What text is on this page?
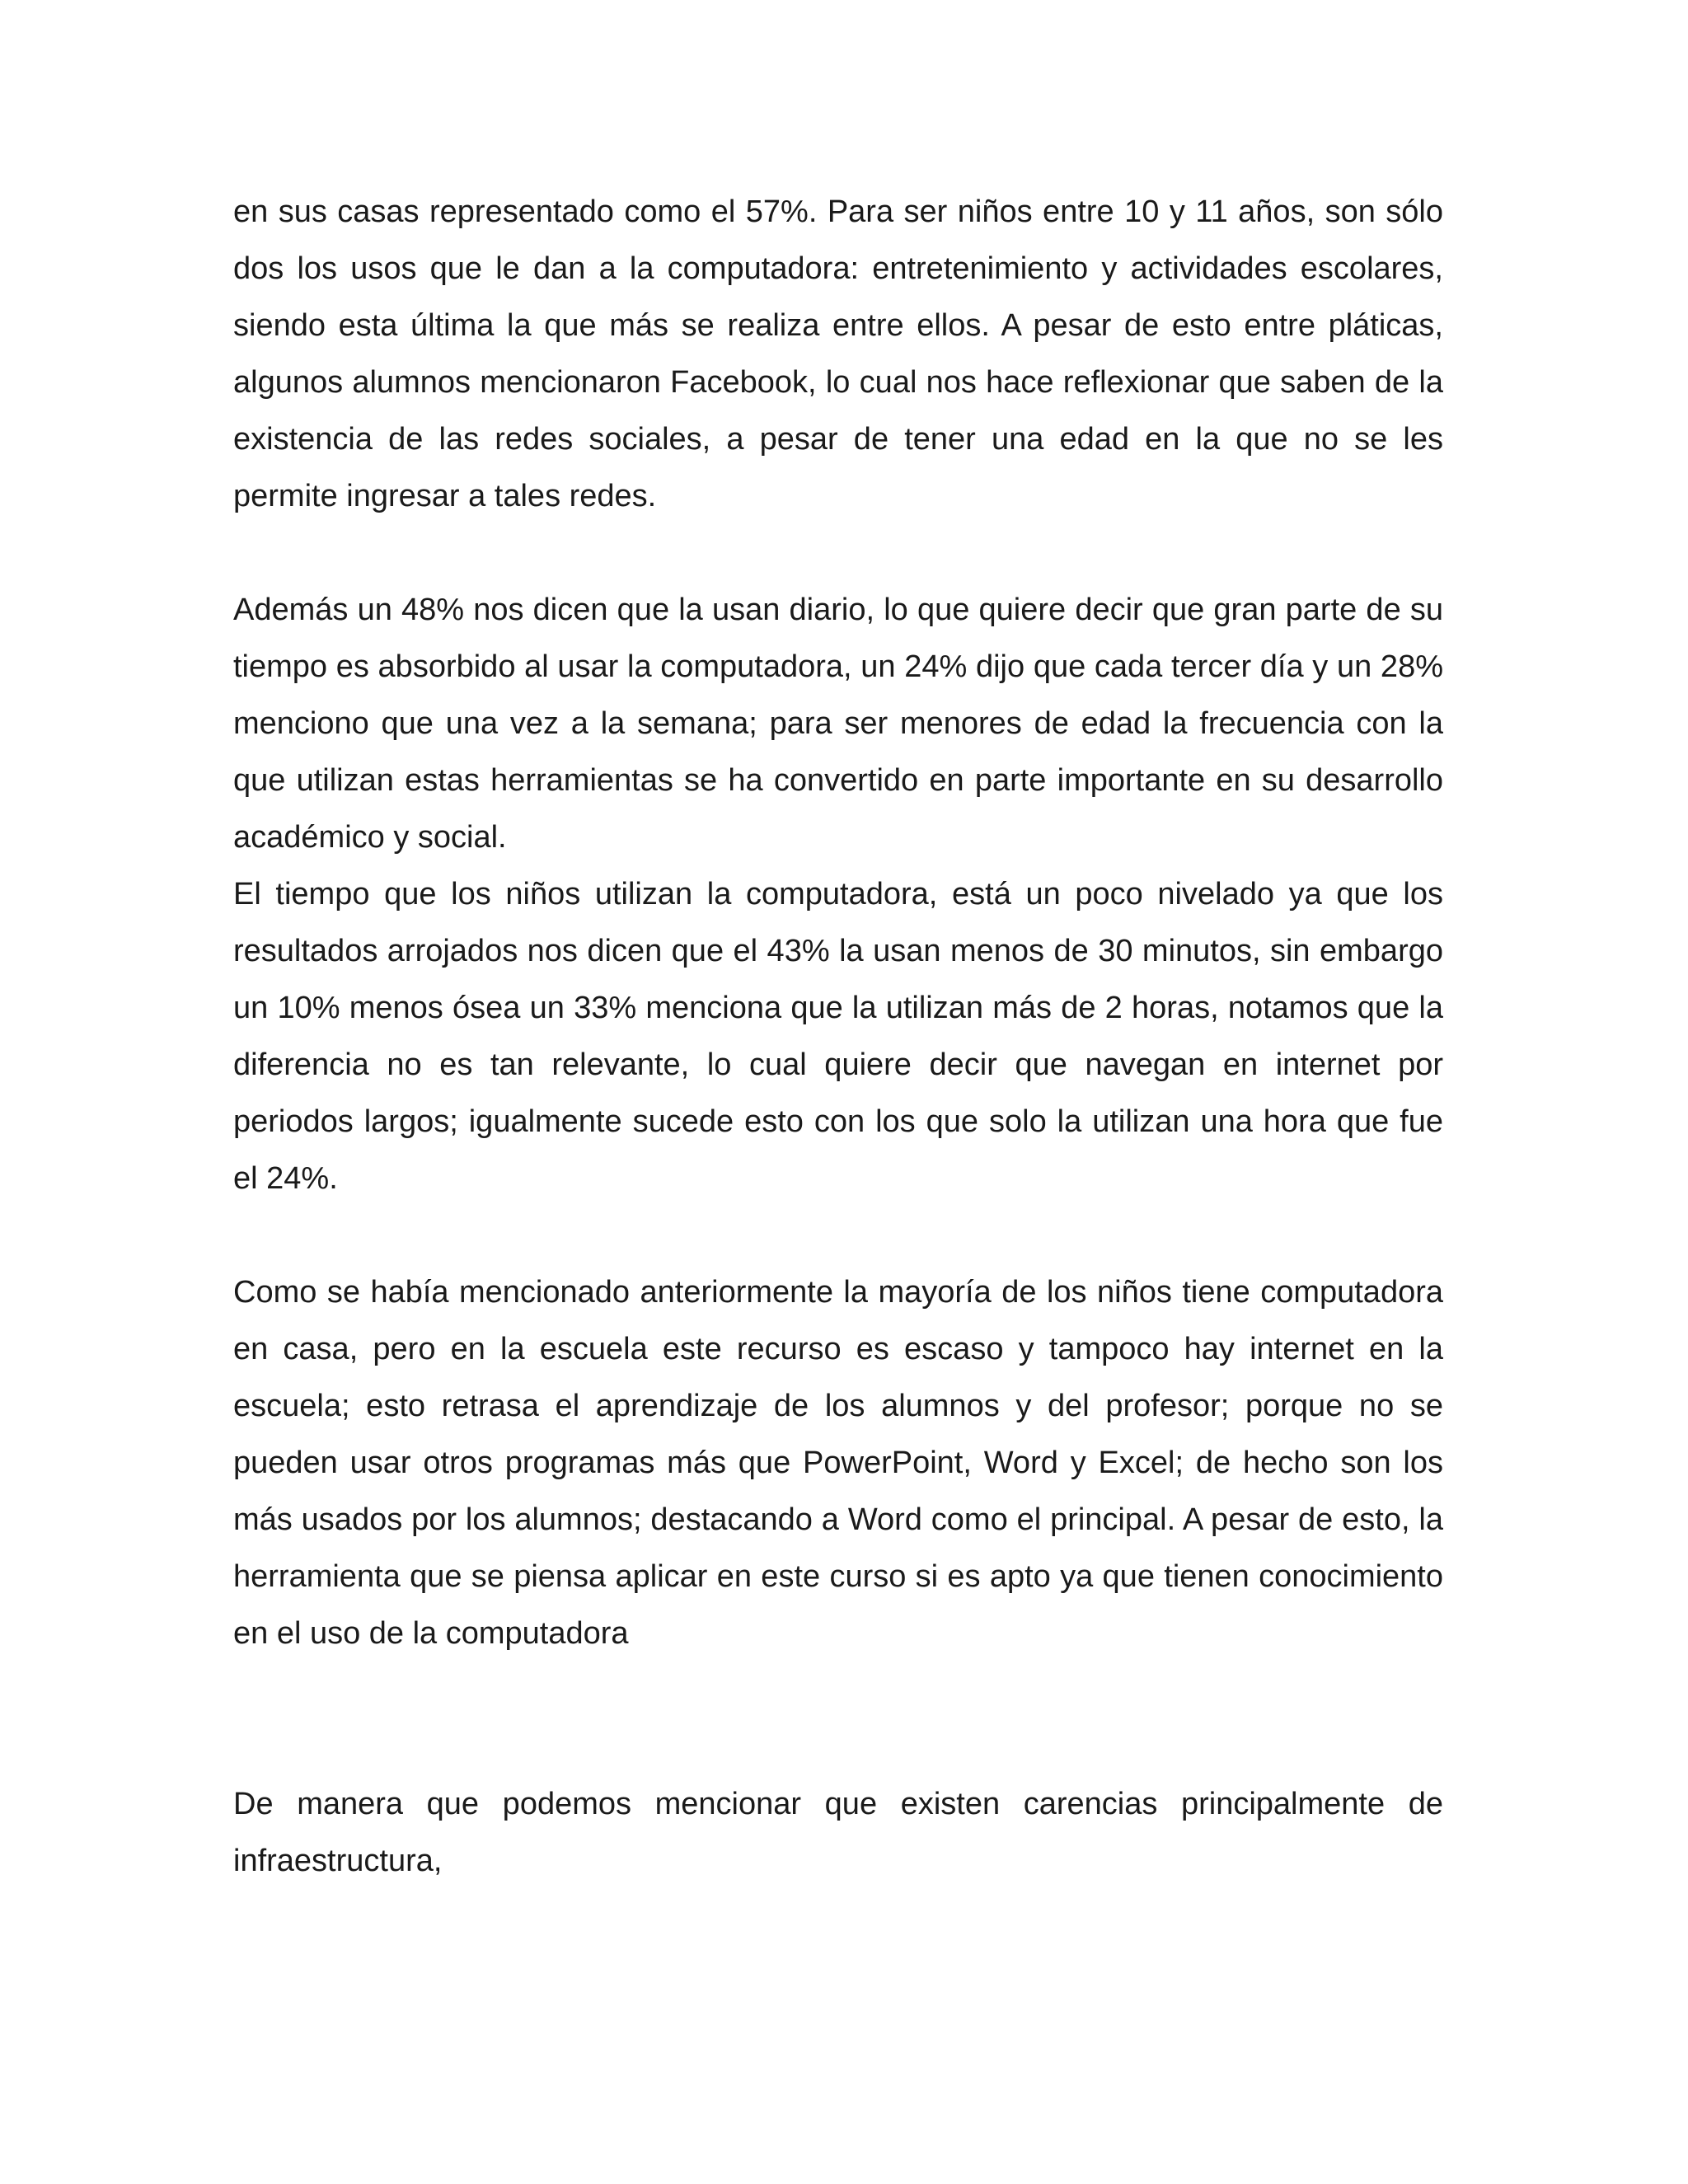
en sus casas representado como el 57%. Para ser niños entre 10 y 11 años, son sólo dos los usos que le dan a la computadora: entretenimiento y actividades escolares, siendo esta última la que más se realiza entre ellos. A pesar de esto entre pláticas, algunos alumnos mencionaron Facebook, lo cual nos hace reflexionar que saben de la existencia de las redes sociales, a pesar de tener una edad en la que no se les permite ingresar a tales redes.

Además un 48% nos dicen que la usan diario, lo que quiere decir que gran parte de su tiempo es absorbido al usar la computadora, un 24% dijo que cada tercer día y un 28% menciono que una vez a la semana; para ser menores de edad la frecuencia con la que utilizan estas herramientas se ha convertido en parte importante en su desarrollo académico y social.

El tiempo que los niños utilizan la computadora, está un poco nivelado ya que los resultados arrojados nos dicen que el 43% la usan menos de 30 minutos, sin embargo un 10% menos ósea un 33% menciona que la utilizan más de 2 horas, notamos que la diferencia no es tan relevante, lo cual quiere decir que navegan en internet por periodos largos; igualmente sucede esto con los que solo la utilizan una hora que fue el 24%.

Como se había mencionado anteriormente la mayoría de los niños tiene computadora en casa, pero en la escuela este recurso es escaso y tampoco hay internet en la escuela; esto retrasa el aprendizaje de los alumnos y del profesor; porque no se pueden usar otros programas más que PowerPoint, Word y Excel; de hecho son los más usados por los alumnos; destacando a Word como el principal. A pesar de esto, la herramienta que se piensa aplicar en este curso si es apto ya que tienen conocimiento en el uso de la computadora

De manera que podemos mencionar que existen carencias principalmente de infraestructura,
